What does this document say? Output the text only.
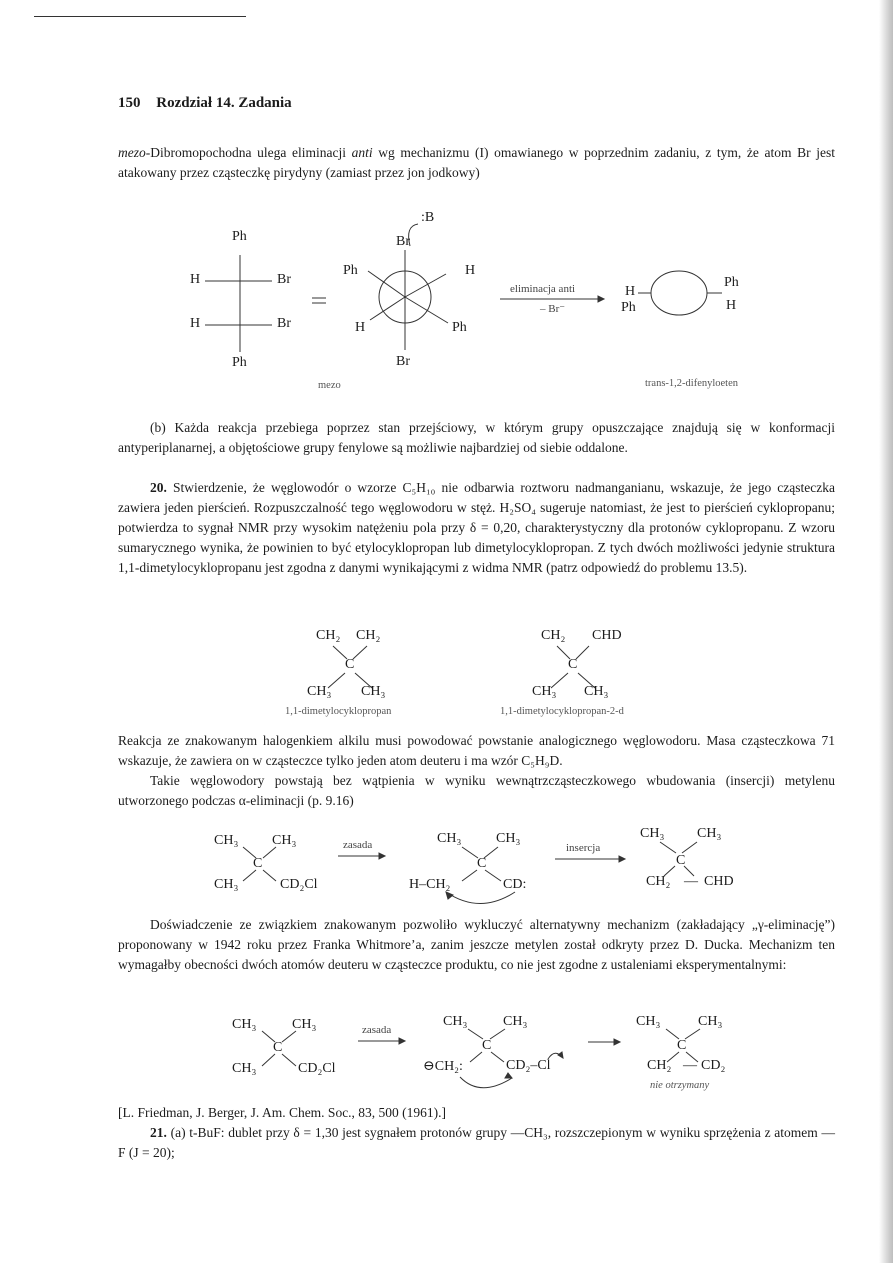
150 Rozdział 14. Zadania
mezo-Dibromopochodna ulega eliminacji anti wg mechanizmu (I) omawianego w poprzednim zadaniu, z tym, że atom Br jest atakowany przez cząsteczkę pirydyny (zamiast przez jon jodkowy)
Ph
H	Br
H	Br
Ph
:B
Br
Ph	H
H	Ph
Br
mezo
eliminacja anti
– Br⁻
H
Ph
Ph	H
trans-1,2-difenyloeten
(b) Każda reakcja przebiega poprzez stan przejściowy, w którym grupy opuszczające znajdują się w konformacji antyperiplanarnej, a objętościowe grupy fenylowe są możliwie najbardziej od siebie oddalone.
20. Stwierdzenie, że węglowodór o wzorze C₅H₁₀ nie odbarwia roztworu nadmanganianu, wskazuje, że jego cząsteczka zawiera jeden pierścień. Rozpuszczalność tego węglowodoru w stęż. H₂SO₄ sugeruje natomiast, że jest to pierścień cyklopropanu; potwierdza to sygnał NMR przy wysokim natężeniu pola przy δ = 0,20, charakterystyczny dla protonów cyklopropanu. Z wzoru sumarycznego wynika, że powinien to być etylocyklopropan lub dimetylocyklopropan. Z tych dwóch możliwości jedynie struktura 1,1-dimetylocyklopropanu jest zgodna z danymi wynikającymi z widma NMR (patrz odpowiedź do problemu 13.5).
CH₂ CH₂
C
CH₃ CH₃
1,1-dimetylocyklopropan
CH₂ CHD
C
CH₃ CH₃
1,1-dimetylocyklopropan-2-d
Reakcja ze znakowanym halogenkiem alkilu musi powodować powstanie analogicznego węglowodoru. Masa cząsteczkowa 71 wskazuje, że zawiera on w cząsteczce tylko jeden atom deuteru i ma wzór C₅H₉D.
Takie węglowodory powstają bez wątpienia w wyniku wewnątrzcząsteczkowego wbudowania (insercji) metylenu utworzonego podczas α-eliminacji (p. 9.16)
CH₃ CH₃
C
CH₃	CD₂Cl
zasada	CH₃ CH₃
C
H–CH₂	CD:
insercja
CH₃ CH₃
C
CH₂ — CHD
Doświadczenie ze związkiem znakowanym pozwoliło wykluczyć alternatywny mechanizm (zakładający „γ-eliminację”) proponowany w 1942 roku przez Franka Whitmore’a, zanim jeszcze metylen został odkryty przez D. Ducka. Mechanizm ten wymagałby obecności dwóch atomów deuteru w cząsteczce produktu, co nie jest zgodne z ustaleniami eksperymentalnymi:
CH₃	CH₃
C
CH₃	CD₂Cl
zasada
CH₃	CH₃
C
⊖CH₂:	CD₂–Cl
CH₃	CH₃
C
CH₂ — CD₂
nie otrzymany
[L. Friedman, J. Berger, J. Am. Chem. Soc., 83, 500 (1961).]
21. (a) t-BuF: dublet przy δ = 1,30 jest sygnałem protonów grupy —CH₃, rozszczepionym w wyniku sprzężenia z atomem —F (J = 20);
